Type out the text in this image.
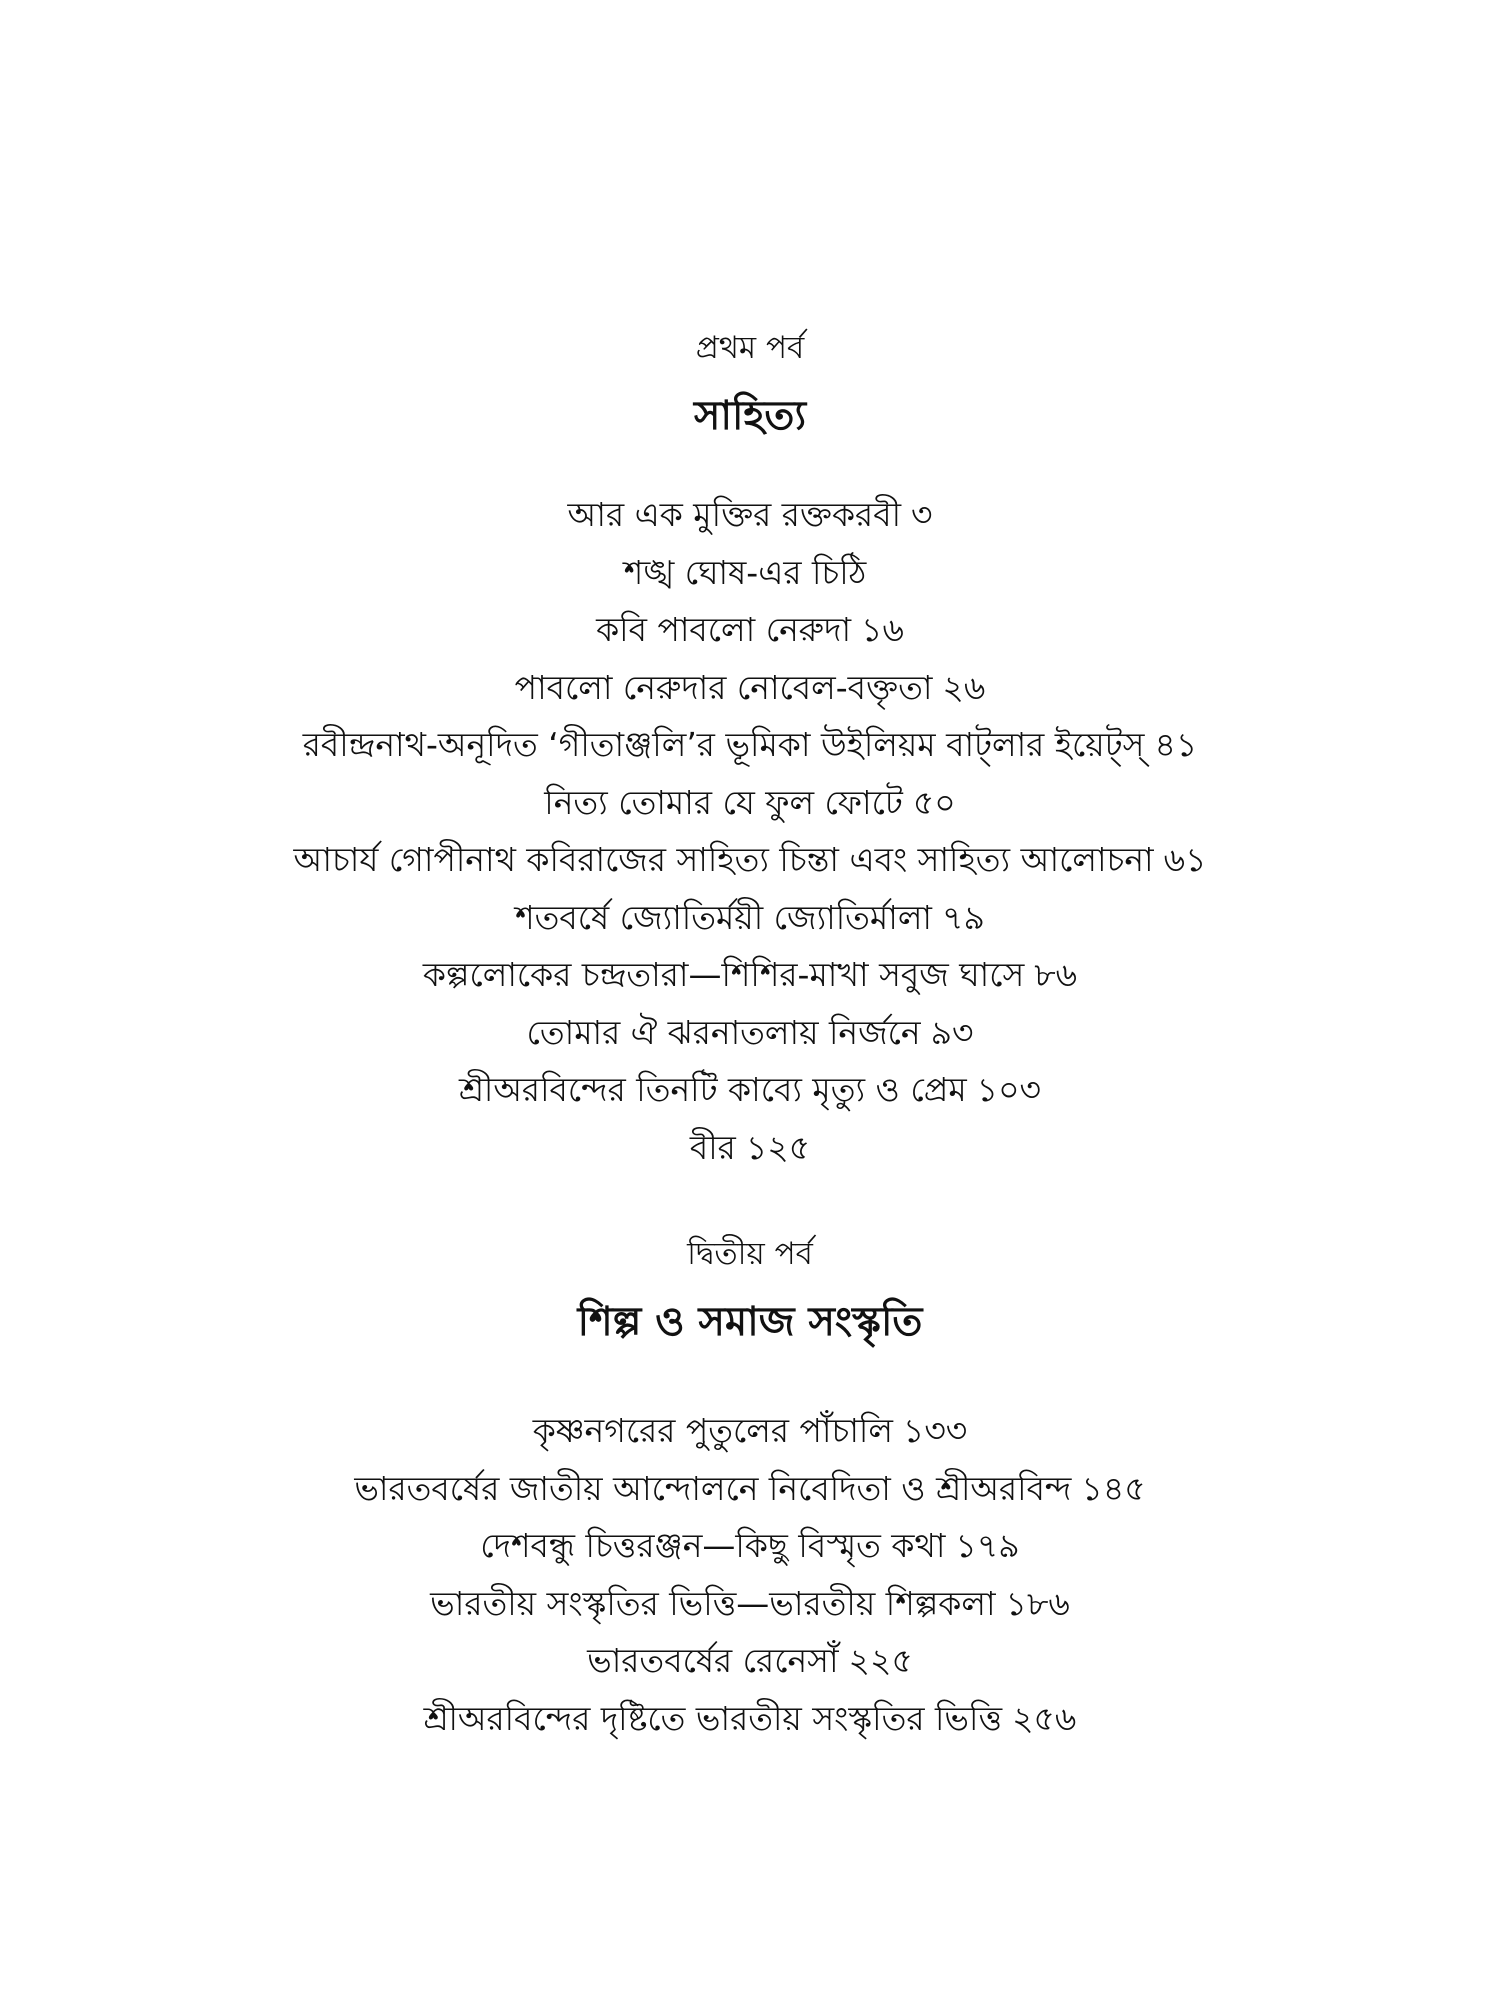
প্রথম পর্ব

সাহিত্য
আর এক মুক্তির রক্তকরবী ৩
শঙ্খ ঘোষ-এর চিঠি
কবি পাবলো নেরুদা ১৬
পাবলো নেরুদার নোবেল-বক্তৃতা ২৬
রবীন্দ্রনাথ-অনূদিত ‘গীতাঞ্জলি’র ভূমিকা উইলিয়ম বাট্‌লার ইয়েট্‌স্‌ ৪১
নিত্য তোমার যে ফুল ফোটে ৫০
আচার্য গোপীনাথ কবিরাজের সাহিত্য চিন্তা এবং সাহিত্য আলোচনা ৬১
শতবর্ষে জ্যোতির্ময়ী জ্যোতির্মালা ৭৯
কল্পলোকের চন্দ্রতারা—শিশির-মাখা সবুজ ঘাসে ৮৬
তোমার ঐ ঝরনাতলায় নির্জনে ৯৩
শ্রীঅরবিন্দের তিনটি কাব্যে মৃত্যু ও প্রেম ১০৩
বীর ১২৫

দ্বিতীয় পর্ব

শিল্প ও সমাজ সংস্কৃতি
কৃষ্ণনগরের পুতুলের পাঁচালি ১৩৩
ভারতবর্ষের জাতীয় আন্দোলনে নিবেদিতা ও শ্রীঅরবিন্দ ১৪৫
দেশবন্ধু চিত্তরঞ্জন—কিছু বিস্মৃত কথা ১৭৯
ভারতীয় সংস্কৃতির ভিত্তি—ভারতীয় শিল্পকলা ১৮৬
ভারতবর্ষের রেনেসাঁ ২২৫
শ্রীঅরবিন্দের দৃষ্টিতে ভারতীয় সংস্কৃতির ভিত্তি ২৫৬
